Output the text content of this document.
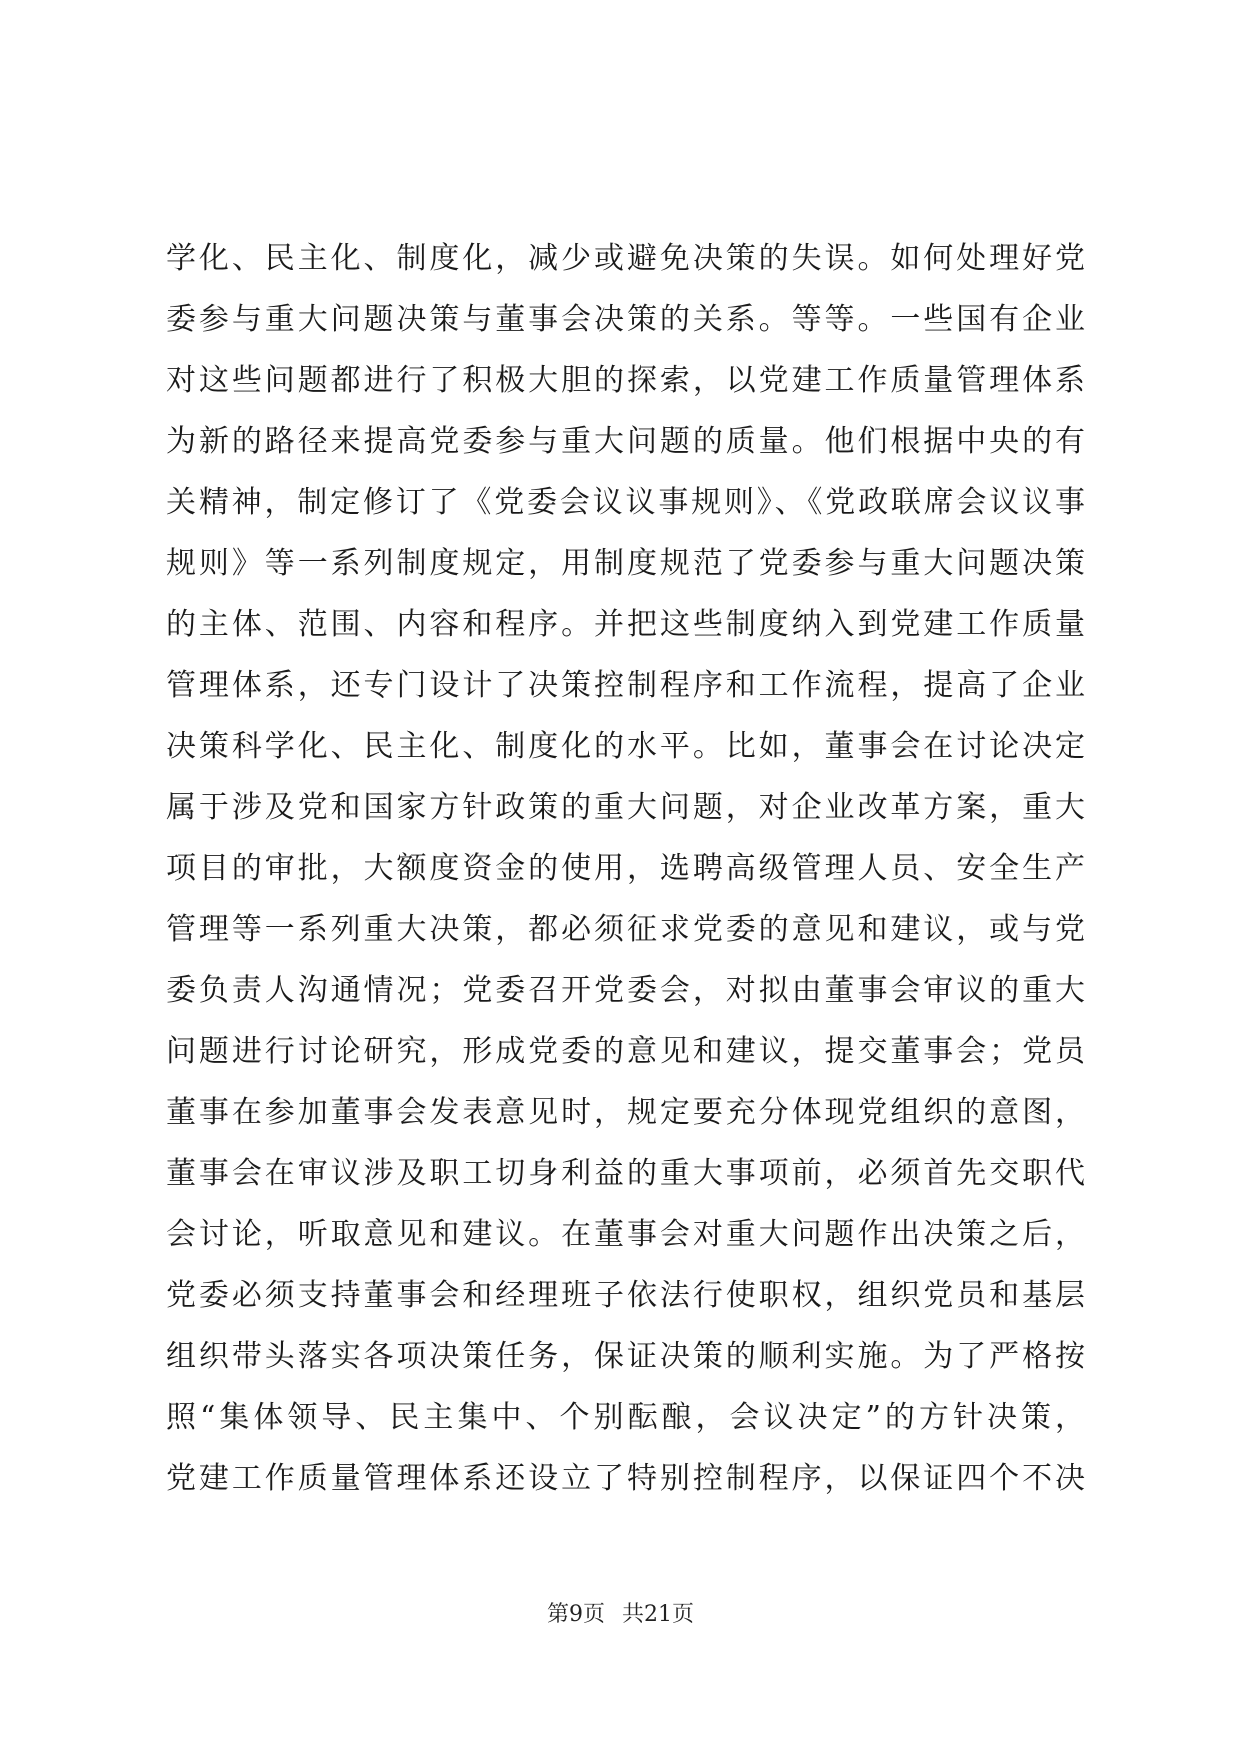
学化、民主化、制度化，减少或避免决策的失误。如何处理好党
委参与重大问题决策与董事会决策的关系。等等。一些国有企业
对这些问题都进行了积极大胆的探索，以党建工作质量管理体系
为新的路径来提高党委参与重大问题的质量。他们根据中央的有
关精神，制定修订了《党委会议议事规则》、《党政联席会议议事
规则》等一系列制度规定，用制度规范了党委参与重大问题决策
的主体、范围、内容和程序。并把这些制度纳入到党建工作质量
管理体系，还专门设计了决策控制程序和工作流程，提高了企业
决策科学化、民主化、制度化的水平。比如，董事会在讨论决定
属于涉及党和国家方针政策的重大问题，对企业改革方案，重大
项目的审批，大额度资金的使用，选聘高级管理人员、安全生产
管理等一系列重大决策，都必须征求党委的意见和建议，或与党
委负责人沟通情况；党委召开党委会，对拟由董事会审议的重大
问题进行讨论研究，形成党委的意见和建议，提交董事会；党员
董事在参加董事会发表意见时，规定要充分体现党组织的意图，
董事会在审议涉及职工切身利益的重大事项前，必须首先交职代
会讨论，听取意见和建议。在董事会对重大问题作出决策之后，
党委必须支持董事会和经理班子依法行使职权，组织党员和基层
组织带头落实各项决策任务，保证决策的顺利实施。为了严格按
照“集体领导、民主集中、个别酝酿，会议决定”的方针决策，
党建工作质量管理体系还设立了特别控制程序，以保证四个不决
第9页 共21页
